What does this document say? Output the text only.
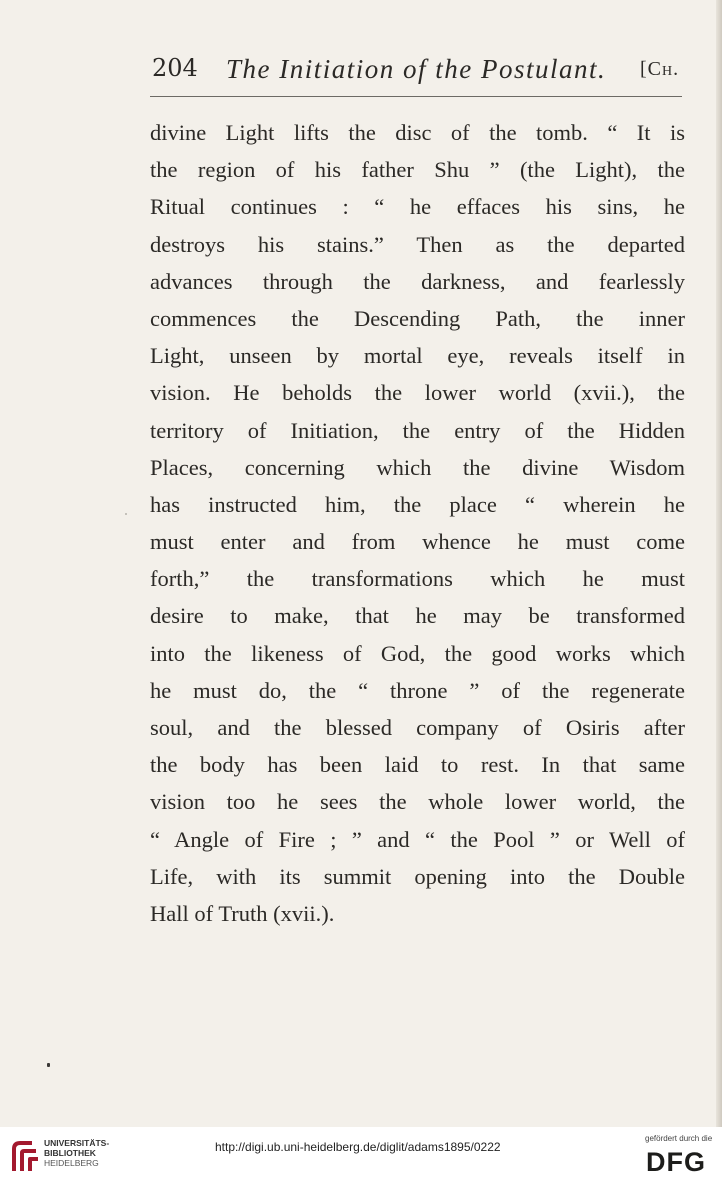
204 The Initiation of the Postulant. [Ch.
divine Light lifts the disc of the tomb. “ It is
the region of his father Shu ” (the Light), the
Ritual continues : “ he effaces his sins, he
destroys his stains.” Then as the departed
advances through the darkness, and fearlessly
commences the Descending Path, the inner
Light, unseen by mortal eye, reveals itself in
vision. He beholds the lower world (xvii.), the
territory of Initiation, the entry of the Hidden
Places, concerning which the divine Wisdom
has instructed him, the place “ wherein he
must enter and from whence he must come
forth,” the transformations which he must
desire to make, that he may be transformed
into the likeness of God, the good works which
he must do, the “ throne ” of the regenerate
soul, and the blessed company of Osiris after
the body has been laid to rest. In that same
vision too he sees the whole lower world, the
“ Angle of Fire ; ” and “ the Pool ” or Well of
Life, with its summit opening into the Double
Hall of Truth (xvii.).
UNIVERSITÄTS-
BIBLIOTHEK
HEIDELBERG
http://digi.ub.uni-heidelberg.de/diglit/adams1895/0222
gefördert durch die
DFG
